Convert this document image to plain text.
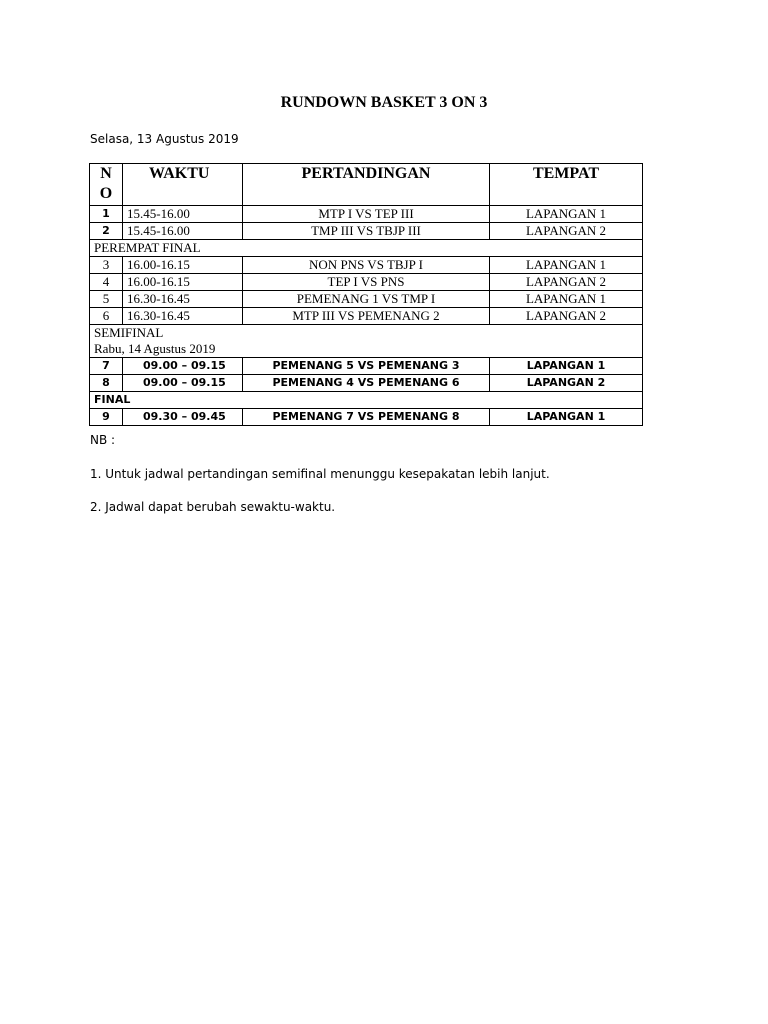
RUNDOWN BASKET 3 ON 3
Selasa, 13 Agustus 2019
N
O	WAKTU	PERTANDINGAN	TEMPAT
1	15.45-16.00	MTP I VS TEP III	LAPANGAN 1
2	15.45-16.00	TMP III VS TBJP III	LAPANGAN 2
PEREMPAT FINAL			
3	16.00-16.15	NON PNS VS TBJP I	LAPANGAN 1
4	16.00-16.15	TEP I VS PNS	LAPANGAN 2
5	16.30-16.45	PEMENANG 1 VS TMP I	LAPANGAN 1
6	16.30-16.45	MTP III VS PEMENANG 2	LAPANGAN 2

SEMIFINAL
Rabu, 14 Agustus 2019			

7	09.00 – 09.15	PEMENANG 5 VS PEMENANG 3	LAPANGAN 1
8	09.00 – 09.15	PEMENANG 4 VS PEMENANG 6	LAPANGAN 2
FINAL			
9	09.30 – 09.45	PEMENANG 7 VS PEMENANG 8	LAPANGAN 1

NB :

1. Untuk jadwal pertandingan semifinal menunggu kesepakatan lebih lanjut.

2. Jadwal dapat berubah sewaktu-waktu.
